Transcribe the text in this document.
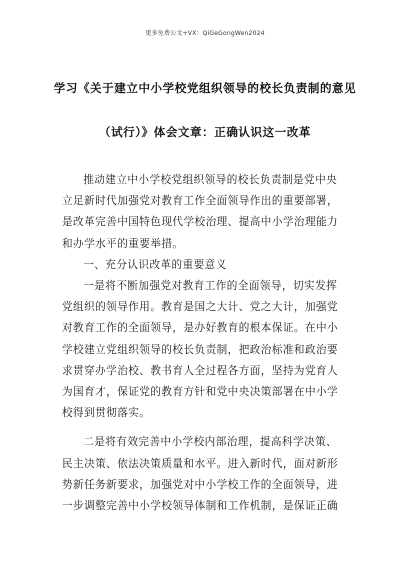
更多免费公文+VX：QiGeGongWen2024
学习《关于建立中小学校党组织领导的校长负责制的意见
（试行）》体会文章：正确认识这一改革

推动建立中小学校党组织领导的校长负责制是党中央
立足新时代加强党对教育工作全面领导作出的重要部署，
是改革完善中国特色现代学校治理、提高中小学治理能力
和办学水平的重要举措。

一、充分认识改革的重要意义

一是将不断加强党对教育工作的全面领导，切实发挥
党组织的领导作用。教育是国之大计、党之大计，加强党
对教育工作的全面领导，是办好教育的根本保证。在中小
学校建立党组织领导的校长负责制，把政治标准和政治要
求贯穿办学治校、教书育人全过程各方面，坚持为党育人
为国育才，保证党的教育方针和党中央决策部署在中小学
校得到贯彻落实。

二是将有效完善中小学校内部治理，提高科学决策、
民主决策、依法决策质量和水平。进入新时代，面对新形
势新任务新要求，加强党对中小学校工作的全面领导，进
一步调整完善中小学校领导体制和工作机制，是保证正确
